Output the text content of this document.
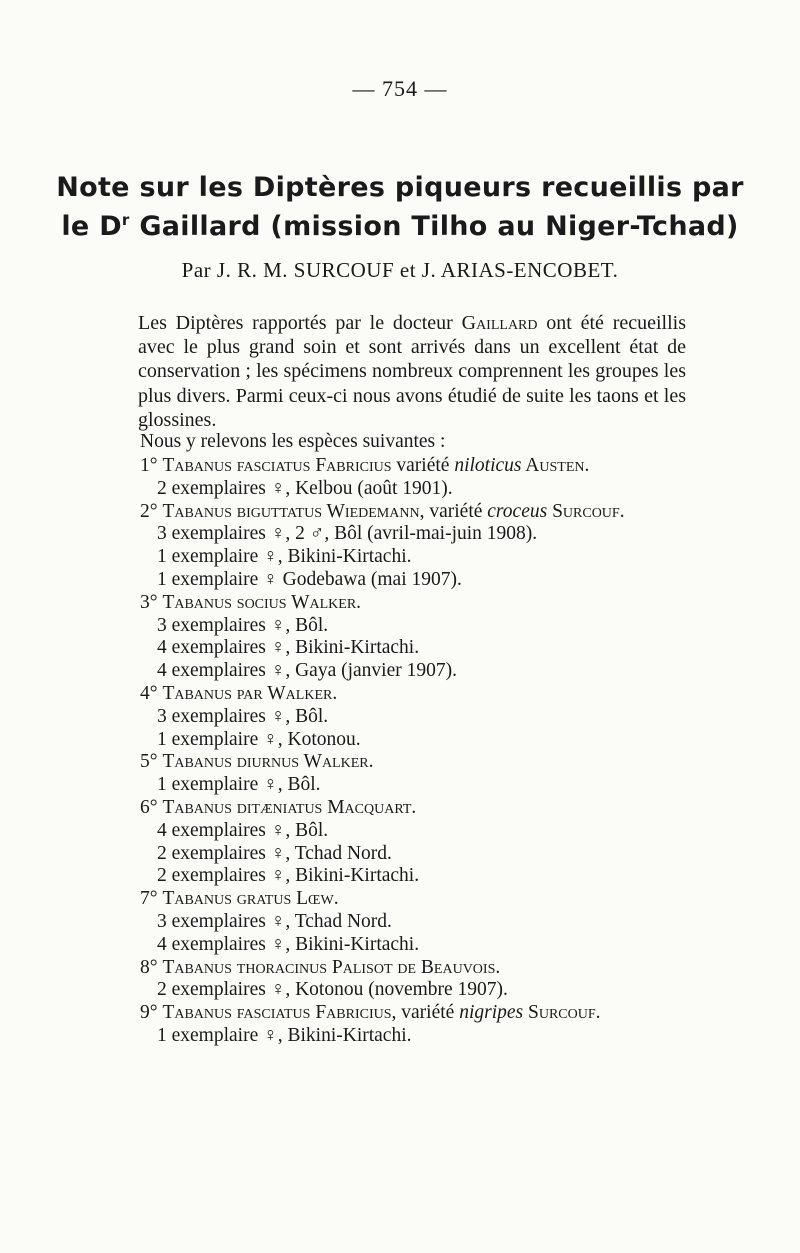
— 754 —
Note sur les Diptères piqueurs recueillis par
le $D^r$ Gaillard (mission Tilho au Niger-Tchad)
Par J. R. M. SURCOUF et J. ARIAS-ENCOBET.
Les Diptères rapportés par le docteur Gaillard ont été recueillis avec le plus grand soin et sont arrivés dans un excellent état de conservation ; les spécimens nombreux comprennent les groupes les plus divers. Parmi ceux-ci nous avons étudié de suite les taons et les glossines.
Nous y relevons les espèces suivantes :
1° Tabanus fasciatus Fabricius variété niloticus Austen.
2 exemplaires ♀, Kelbou (août 1901).
2° Tabanus biguttatus Wiedemann, variété croceus Surcouf.
3 exemplaires ♀, 2 ♂, Bôl (avril-mai-juin 1908).
1 exemplaire ♀, Bikini-Kirtachi.
1 exemplaire ♀ Godebawa (mai 1907).
3° Tabanus socius Walker.
3 exemplaires ♀, Bôl.
4 exemplaires ♀, Bikini-Kirtachi.
4 exemplaires ♀, Gaya (janvier 1907).
4° Tabanus par Walker.
3 exemplaires ♀, Bôl.
1 exemplaire ♀, Kotonou.
5° Tabanus diurnus Walker.
1 exemplaire ♀, Bôl.
6° Tabanus ditæniatus Macquart.
4 exemplaires ♀, Bôl.
2 exemplaires ♀, Tchad Nord.
2 exemplaires ♀, Bikini-Kirtachi.
7° Tabanus gratus Lœw.
3 exemplaires ♀, Tchad Nord.
4 exemplaires ♀, Bikini-Kirtachi.
8° Tabanus thoracinus Palisot de Beauvois.
2 exemplaires ♀, Kotonou (novembre 1907).
9° Tabanus fasciatus Fabricius, variété nigripes Surcouf.
1 exemplaire ♀, Bikini-Kirtachi.
